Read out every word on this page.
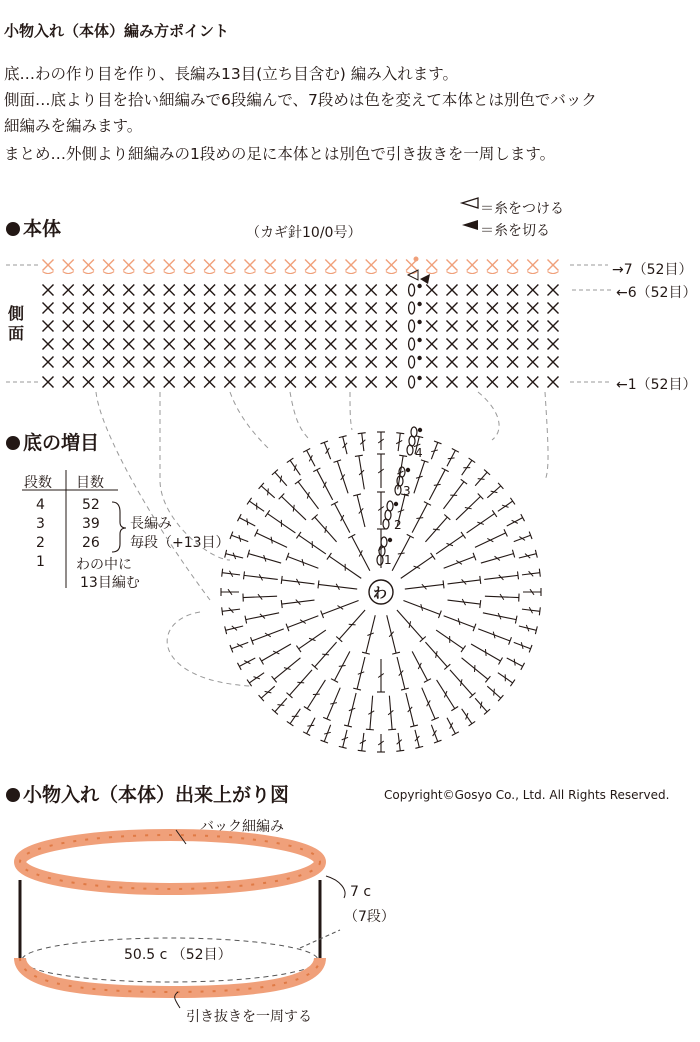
小物入れ（本体）編み方ポイント
底…わの作り目を作り、長編み13目(立ち目含む) 編み入れます。
側面…底より目を拾い細編みで6段編んで、7段めは色を変えて本体とは別色でバック
細編みを編みます。
まとめ…外側より細編みの1段めの足に本体とは別色で引き抜きを一周します。
本体	（カギ針10/0号）
＝糸をつける
＝糸を切る
側面
→7（52目）
←6（52目）
←1（52目）
底の増目
段数 目数
4
3
2
1
52
39
26
わの中に
13目編む
長編み
毎段（+13目）
小物入れ（本体）出来上がり図	Copyright©Gosyo Co., Ltd. All Rights Reserved.
バック細編み
7 c
（7段）
50.5 c （52目）
引き抜きを一周する
4
3
2
1
わ
